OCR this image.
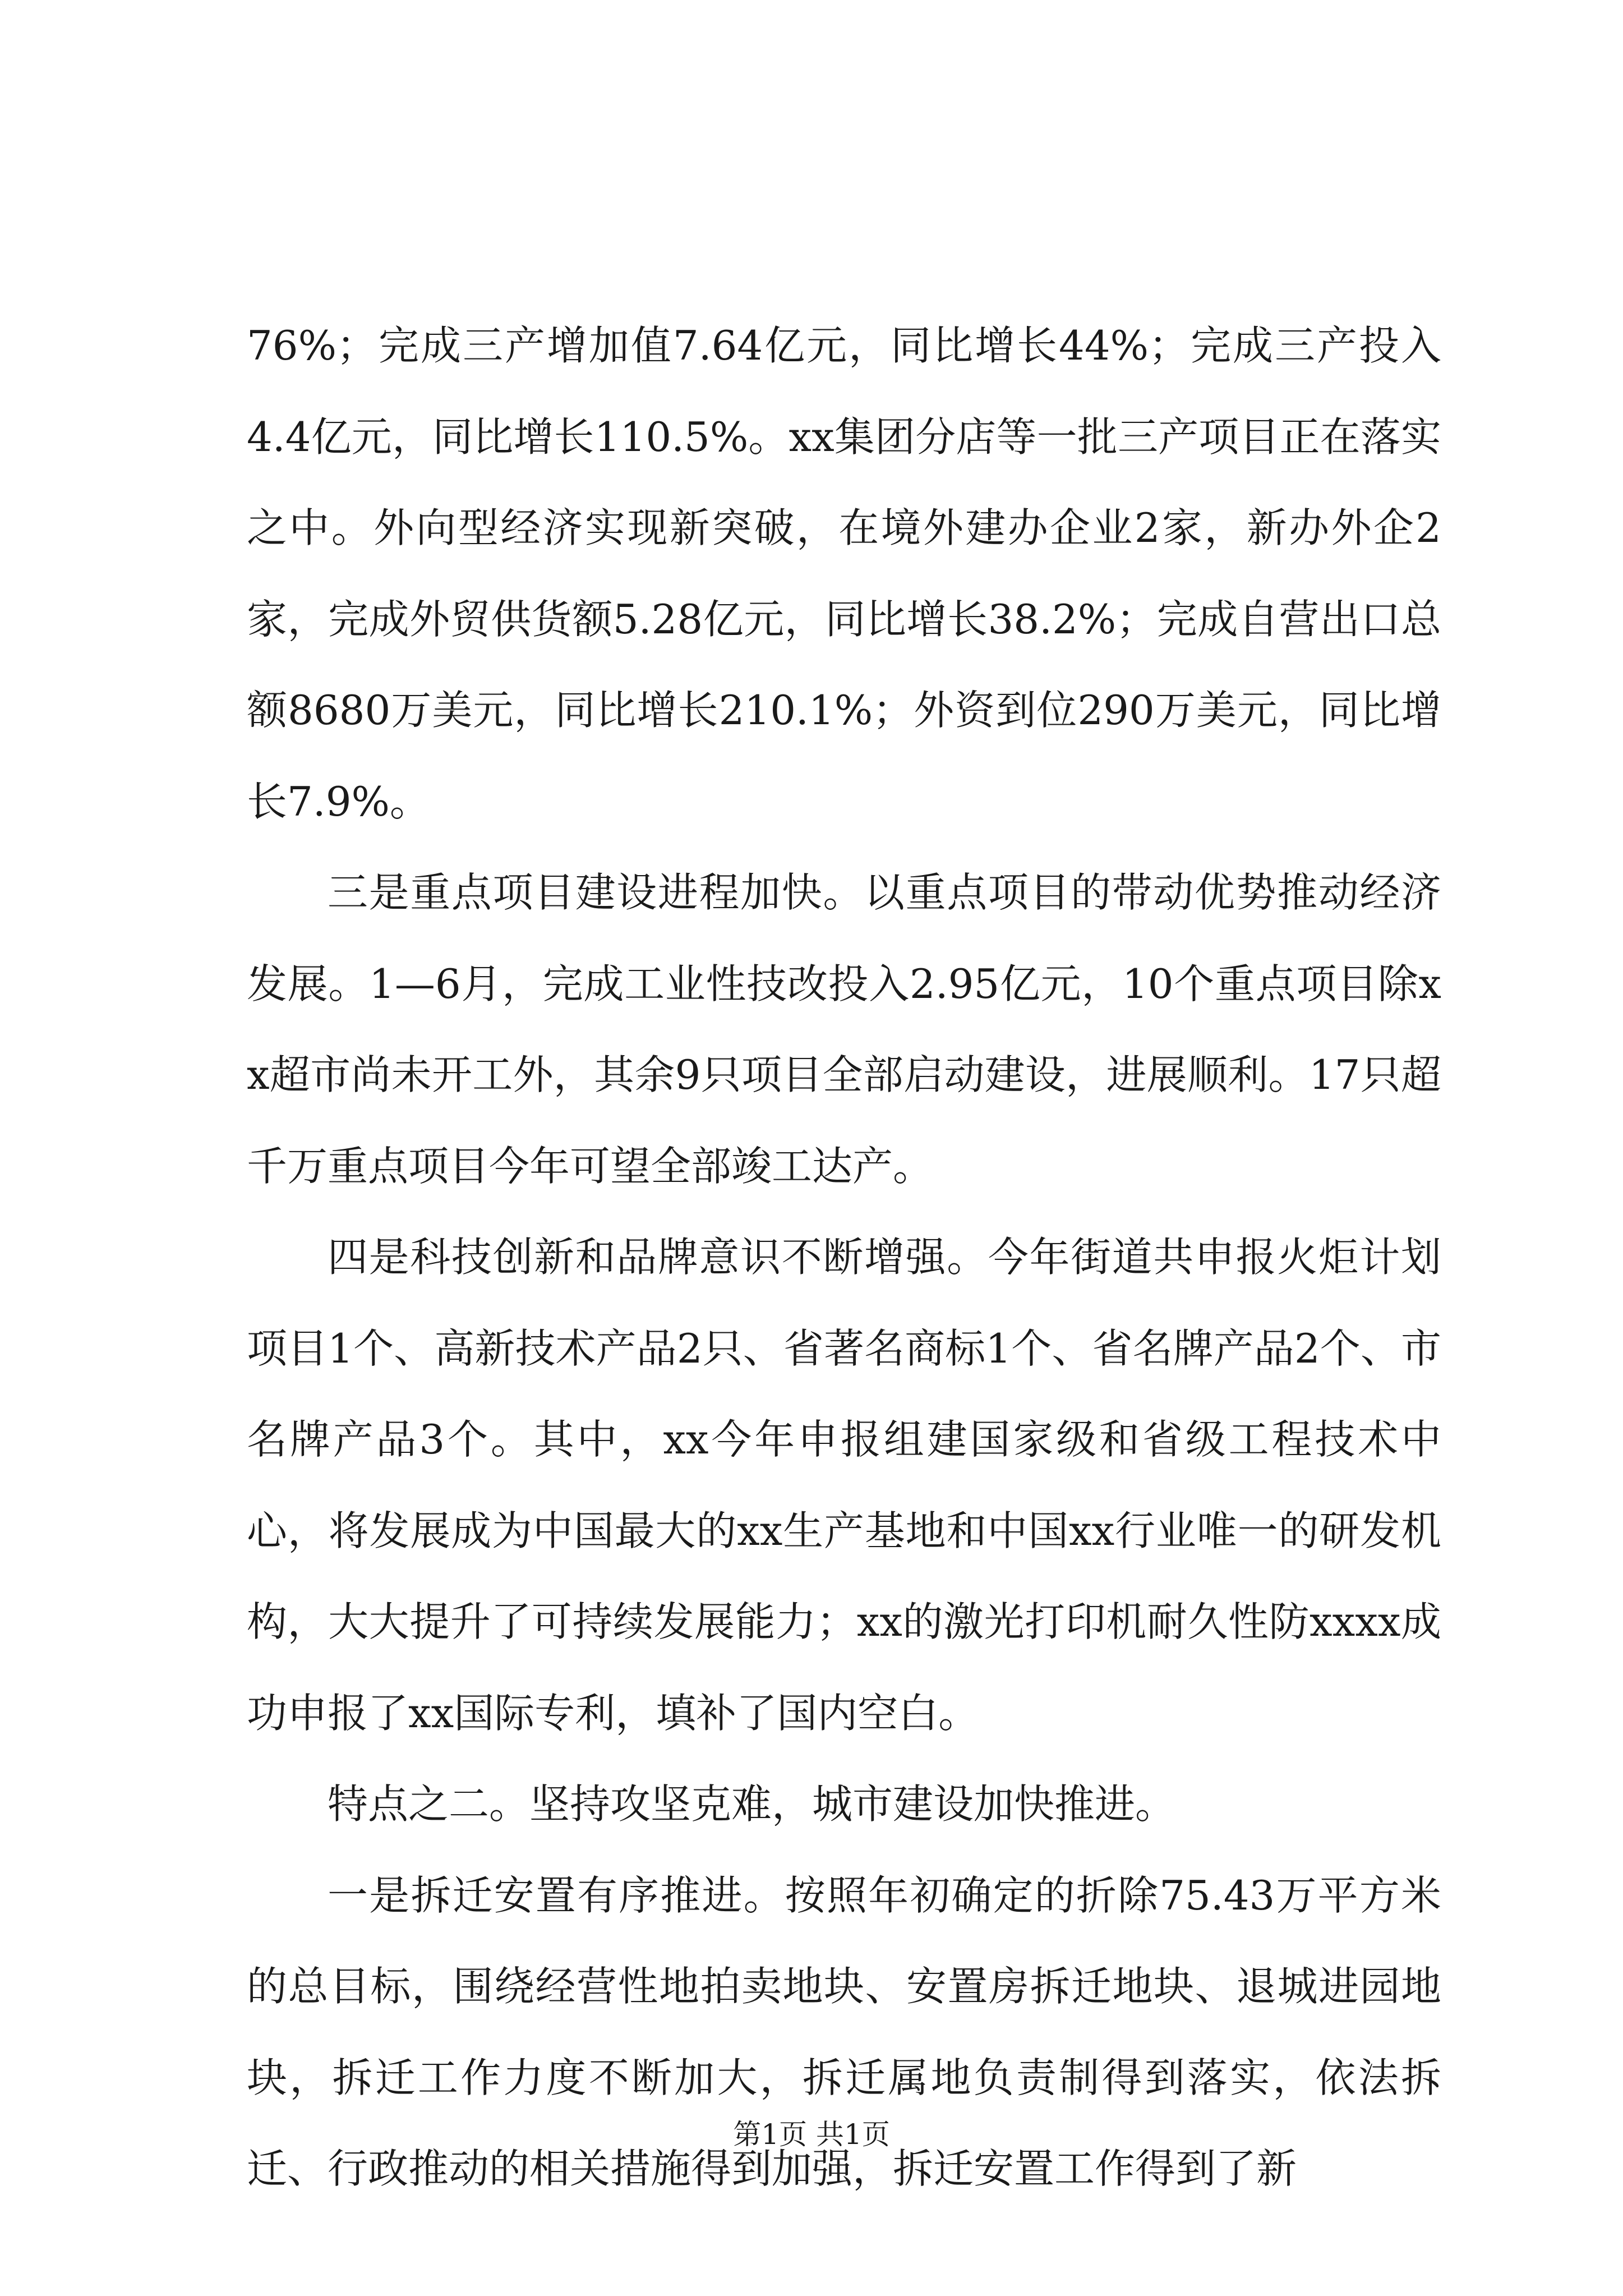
76%；完成三产增加值7.64亿元，同比增长44%；完成三产投入4.4亿元，同比增长110.5%。xx集团分店等一批三产项目正在落实之中。外向型经济实现新突破，在境外建办企业2家，新办外企2家，完成外贸供货额5.28亿元，同比增长38.2%；完成自营出口总额8680万美元，同比增长210.1%；外资到位290万美元，同比增长7.9%。

三是重点项目建设进程加快。以重点项目的带动优势推动经济发展。1—6月，完成工业性技改投入2.95亿元，10个重点项目除xx超市尚未开工外，其余9只项目全部启动建设，进展顺利。17只超千万重点项目今年可望全部竣工达产。

四是科技创新和品牌意识不断增强。今年街道共申报火炬计划项目1个、高新技术产品2只、省著名商标1个、省名牌产品2个、市名牌产品3个。其中，xx今年申报组建国家级和省级工程技术中心，将发展成为中国最大的xx生产基地和中国xx行业唯一的研发机构，大大提升了可持续发展能力；xx的激光打印机耐久性防xxxx成功申报了xx国际专利，填补了国内空白。

特点之二。坚持攻坚克难，城市建设加快推进。

一是拆迁安置有序推进。按照年初确定的折除75.43万平方米的总目标，围绕经营性地拍卖地块、安置房拆迁地块、退城进园地块，拆迁工作力度不断加大，拆迁属地负责制得到落实，依法拆迁、行政推动的相关措施得到加强，拆迁安置工作得到了新

第1页 共1页
